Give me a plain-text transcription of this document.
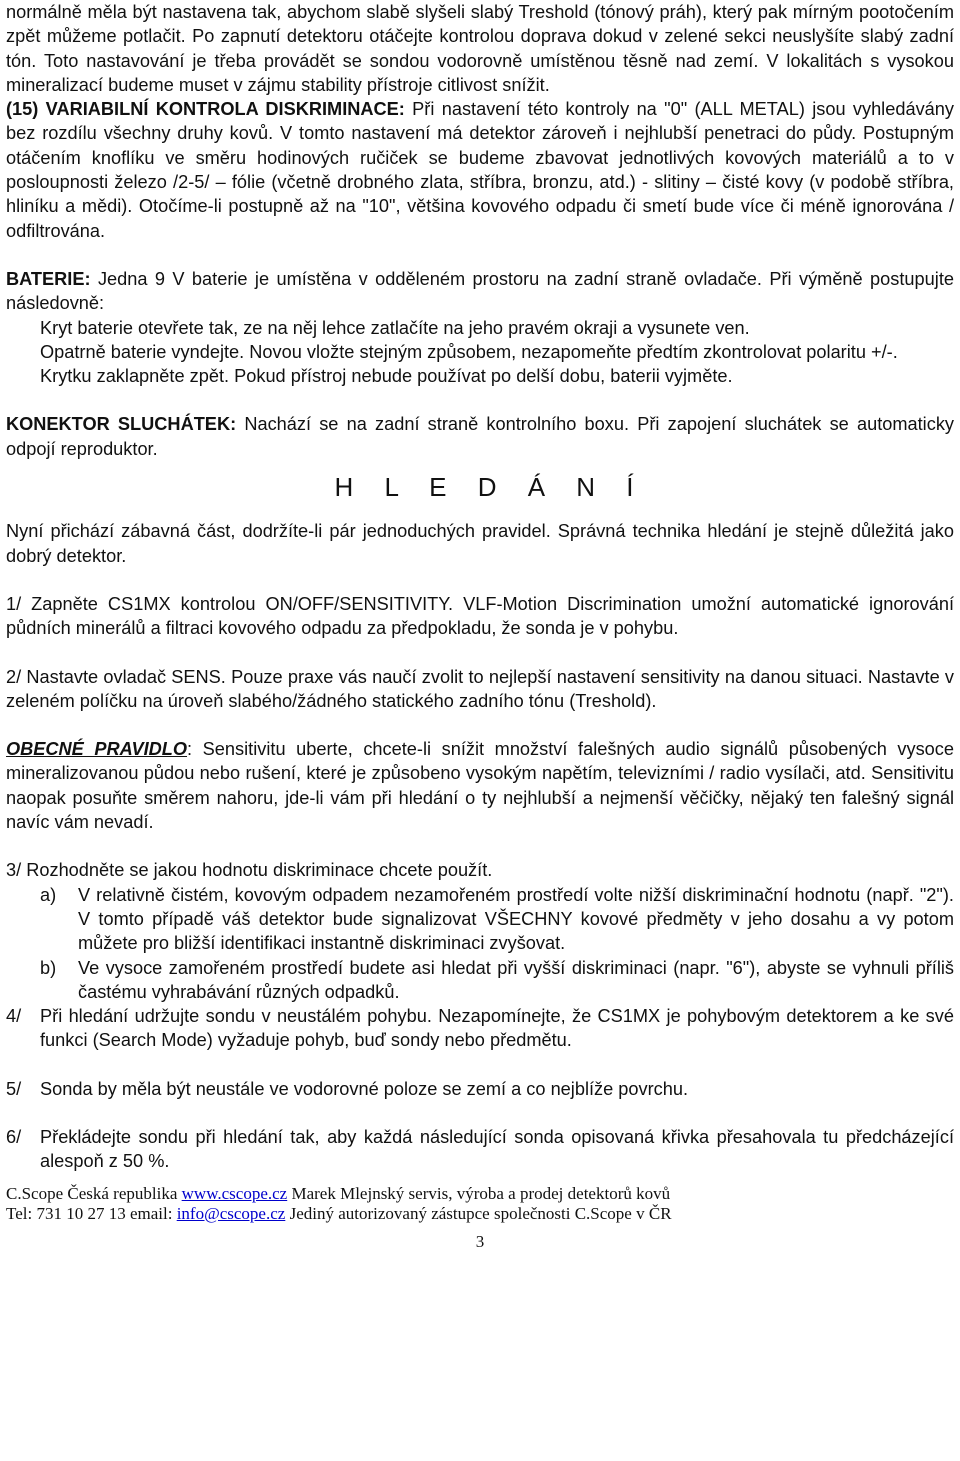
normálně měla být nastavena tak, abychom slabě slyšeli slabý Treshold (tónový práh), který pak mírným pootočením zpět můžeme potlačit. Po zapnutí detektoru otáčejte kontrolou doprava dokud v zelené sekci neuslyšíte slabý zadní tón. Toto nastavování je třeba provádět se sondou vodorovně umístěnou těsně nad zemí. V lokalitách s vysokou mineralizací budeme muset v zájmu stability přístroje citlivost snížit.

(15) VARIABILNÍ KONTROLA DISKRIMINACE: Při nastavení této kontroly na "0" (ALL METAL) jsou vyhledávány bez rozdílu všechny druhy kovů. V tomto nastavení má detektor zároveň i nejhlubší penetraci do půdy. Postupným otáčením knoflíku ve směru hodinových ručiček se budeme zbavovat jednotlivých kovových materiálů a to v posloupnosti železo /2-5/ – fólie (včetně drobného zlata, stříbra, bronzu, atd.) - slitiny – čisté kovy (v podobě stříbra, hliníku a mědi). Otočíme-li postupně až na "10", většina kovového odpadu či smetí bude více či méně ignorována / odfiltrována.

BATERIE: Jedna 9 V baterie je umístěna v odděleném prostoru na zadní straně ovladače. Při výměně postupujte následovně:

Kryt baterie otevřete tak, ze na něj lehce zatlačíte na jeho pravém okraji a vysunete ven.

Opatrně baterie vyndejte. Novou vložte stejným způsobem, nezapomeňte předtím zkontrolovat polaritu +/-. Krytku zaklapněte zpět. Pokud přístroj nebude používat po delší dobu, baterii vyjměte.

KONEKTOR SLUCHÁTEK: Nachází se na zadní straně kontrolního boxu. Při zapojení sluchátek se automaticky odpojí reproduktor.

H L E D Á N Í

Nyní přichází zábavná část, dodržíte-li pár jednoduchých pravidel. Správná technika hledání je stejně důležitá jako dobrý detektor.

1/ Zapněte CS1MX kontrolou ON/OFF/SENSITIVITY. VLF-Motion Discrimination umožní automatické ignorování půdních minerálů a filtraci kovového odpadu za předpokladu, že sonda je v pohybu.

2/ Nastavte ovladač SENS. Pouze praxe vás naučí zvolit to nejlepší nastavení sensitivity na danou situaci. Nastavte v zeleném políčku na úroveň slabého/žádného statického zadního tónu (Treshold).

OBECNÉ PRAVIDLO: Sensitivitu uberte, chcete-li snížit množství falešných audio signálů působených vysoce mineralizovanou půdou nebo rušení, které je způsobeno vysokým napětím, televizními / radio vysílači, atd. Sensitivitu naopak posuňte směrem nahoru, jde-li vám při hledání o ty nejhlubší a nejmenší věčičky, nějaký ten falešný signál navíc vám nevadí.

3/ Rozhodněte se jakou hodnotu diskriminace chcete použít.

a)	V relativně čistém, kovovým odpadem nezamořeném prostředí volte nižší diskriminační hodnotu (např. "2"). V tomto případě váš detektor bude signalizovat VŠECHNY kovové předměty v jeho dosahu a vy potom můžete pro bližší identifikaci instantně diskriminaci zvyšovat.

b)	Ve vysoce zamořeném prostředí budete asi hledat při vyšší diskriminaci (napr. "6"), abyste se vyhnuli příliš častému vyhrabávání různých odpadků.

4/	Při hledání udržujte sondu v neustálém pohybu. Nezapomínejte, že CS1MX je pohybovým detektorem a ke své funkci (Search Mode) vyžaduje pohyb, buď sondy nebo předmětu.

5/	Sonda by měla být neustále ve vodorovné poloze se zemí a co nejblíže povrchu.

6/	Překládejte sondu při hledání tak, aby každá následující sonda opisovaná křivka přesahovala tu předcházející alespoň z 50 %.

C.Scope Česká republika www.cscope.cz Marek Mlejnský servis, výroba a prodej detektorů kovů
Tel: 731 10 27 13 email: info@cscope.cz Jediný autorizovaný zástupce společnosti C.Scope v ČR
3
